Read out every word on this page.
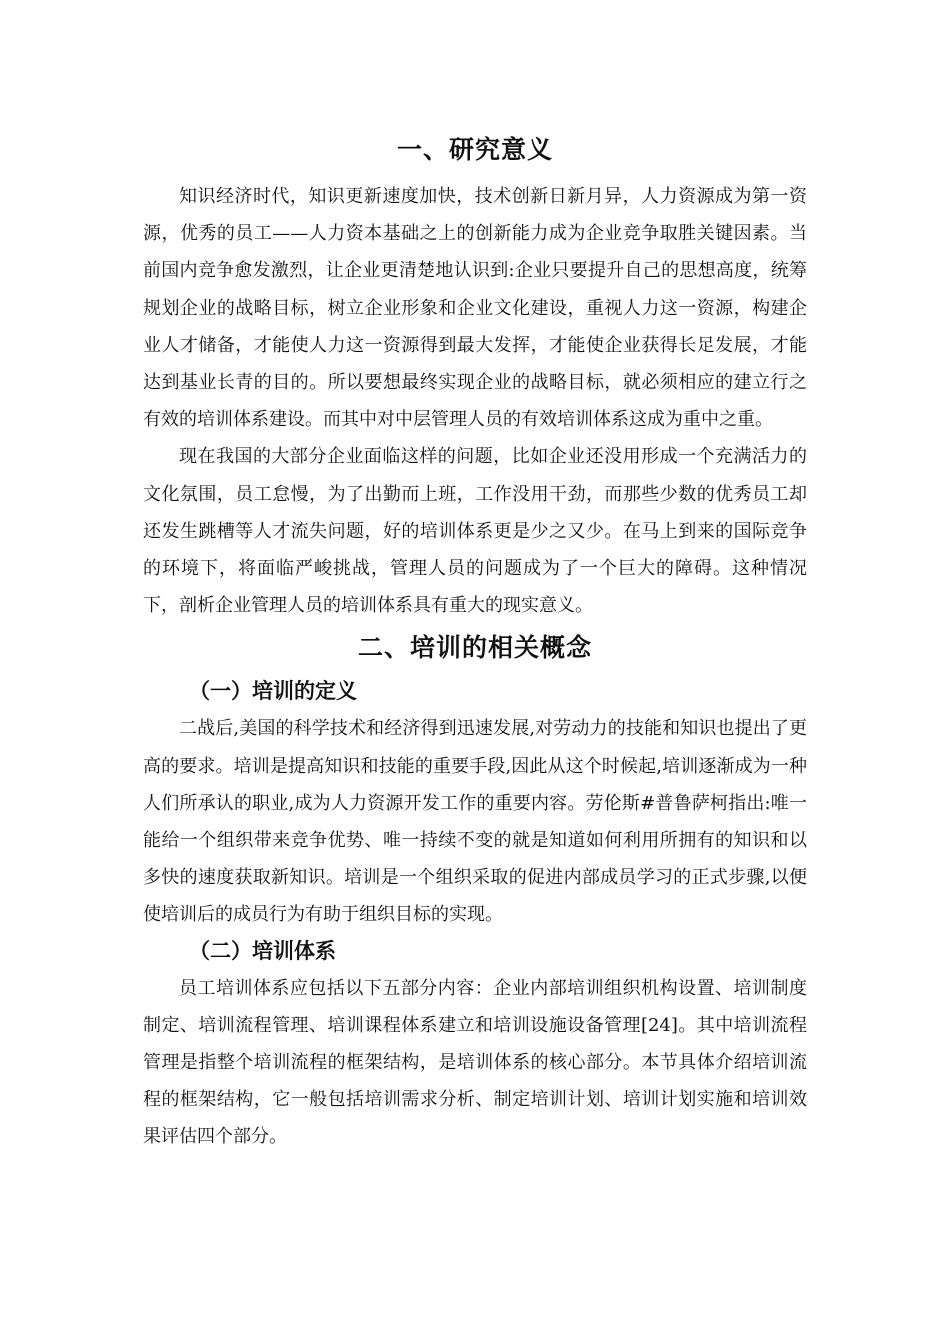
一、研究意义

知识经济时代，知识更新速度加快，技术创新日新月异，人力资源成为第一资源，优秀的员工——人力资本基础之上的创新能力成为企业竞争取胜关键因素。当前国内竞争愈发激烈，让企业更清楚地认识到:企业只要提升自己的思想高度，统筹规划企业的战略目标，树立企业形象和企业文化建设，重视人力这一资源，构建企业人才储备，才能使人力这一资源得到最大发挥，才能使企业获得长足发展，才能达到基业长青的目的。所以要想最终实现企业的战略目标，就必须相应的建立行之有效的培训体系建设。而其中对中层管理人员的有效培训体系这成为重中之重。

现在我国的大部分企业面临这样的问题，比如企业还没用形成一个充满活力的文化氛围，员工怠慢，为了出勤而上班，工作没用干劲，而那些少数的优秀员工却还发生跳槽等人才流失问题，好的培训体系更是少之又少。在马上到来的国际竞争的环境下，将面临严峻挑战，管理人员的问题成为了一个巨大的障碍。这种情况下，剖析企业管理人员的培训体系具有重大的现实意义。

二、培训的相关概念
（一）培训的定义

二战后,美国的科学技术和经济得到迅速发展,对劳动力的技能和知识也提出了更高的要求。培训是提高知识和技能的重要手段,因此从这个时候起,培训逐渐成为一种人们所承认的职业,成为人力资源开发工作的重要内容。劳伦斯#普鲁萨柯指出:唯一能给一个组织带来竞争优势、唯一持续不变的就是知道如何利用所拥有的知识和以多快的速度获取新知识。培训是一个组织采取的促进内部成员学习的正式步骤,以便使培训后的成员行为有助于组织目标的实现。

（二）培训体系

员工培训体系应包括以下五部分内容：企业内部培训组织机构设置、培训制度制定、培训流程管理、培训课程体系建立和培训设施设备管理[24]。其中培训流程管理是指整个培训流程的框架结构，是培训体系的核心部分。本节具体介绍培训流程的框架结构，它一般包括培训需求分析、制定培训计划、培训计划实施和培训效果评估四个部分。
